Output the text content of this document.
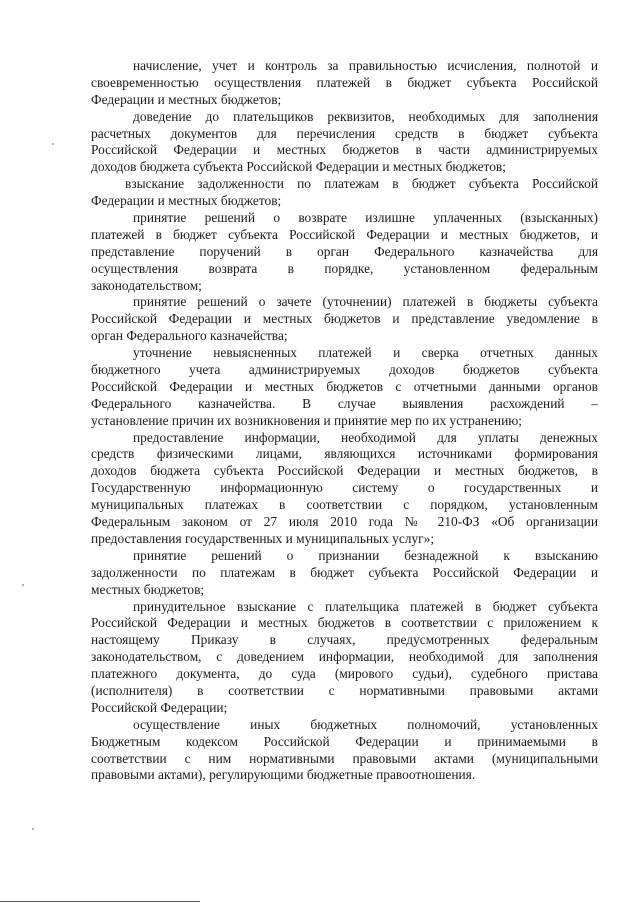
начисление, учет и контроль за правильностью исчисления, полнотой и
своевременностью осуществления платежей в бюджет субъекта Российской
Федерации и местных бюджетов;
доведение до плательщиков реквизитов, необходимых для заполнения
расчетных документов для перечисления средств в бюджет субъекта
Российской Федерации и местных бюджетов в части администрируемых
доходов бюджета субъекта Российской Федерации и местных бюджетов;
взыскание задолженности по платежам в бюджет субъекта Российской
Федерации и местных бюджетов;
принятие решений о возврате излишне уплаченных (взысканных)
платежей в бюджет субъекта Российской Федерации и местных бюджетов, и
представление поручений в орган Федерального казначейства для
осуществления возврата в порядке, установленном федеральным
законодательством;
принятие решений о зачете (уточнении) платежей в бюджеты субъекта
Российской Федерации и местных бюджетов и представление уведомление в
орган Федерального казначейства;
уточнение невыясненных платежей и сверка отчетных данных
бюджетного учета администрируемых доходов бюджетов субъекта
Российской Федерации и местных бюджетов с отчетными данными органов
Федерального казначейства. В случае выявления расхождений –
установление причин их возникновения и принятие мер по их устранению;
предоставление информации, необходимой для уплаты денежных
средств физическими лицами, являющихся источниками формирования
доходов бюджета субъекта Российской Федерации и местных бюджетов, в
Государственную информационную систему о государственных и
муниципальных платежах в соответствии с порядком, установленным
Федеральным законом от 27 июля 2010 года № 210-ФЗ «Об организации
предоставления государственных и муниципальных услуг»;
принятие решений о признании безнадежной к взысканию
задолженности по платежам в бюджет субъекта Российской Федерации и
местных бюджетов;
принудительное взыскание с плательщика платежей в бюджет субъекта
Российской Федерации и местных бюджетов в соответствии с приложением к
настоящему Приказу в случаях, предусмотренных федеральным
законодательством, с доведением информации, необходимой для заполнения
платежного документа, до суда (мирового судьи), судебного пристава
(исполнителя) в соответствии с нормативными правовыми актами
Российской Федерации;
осуществление иных бюджетных полномочий, установленных
Бюджетным кодексом Российской Федерации и принимаемыми в
соответствии с ним нормативными правовыми актами (муниципальными
правовыми актами), регулирующими бюджетные правоотношения.
